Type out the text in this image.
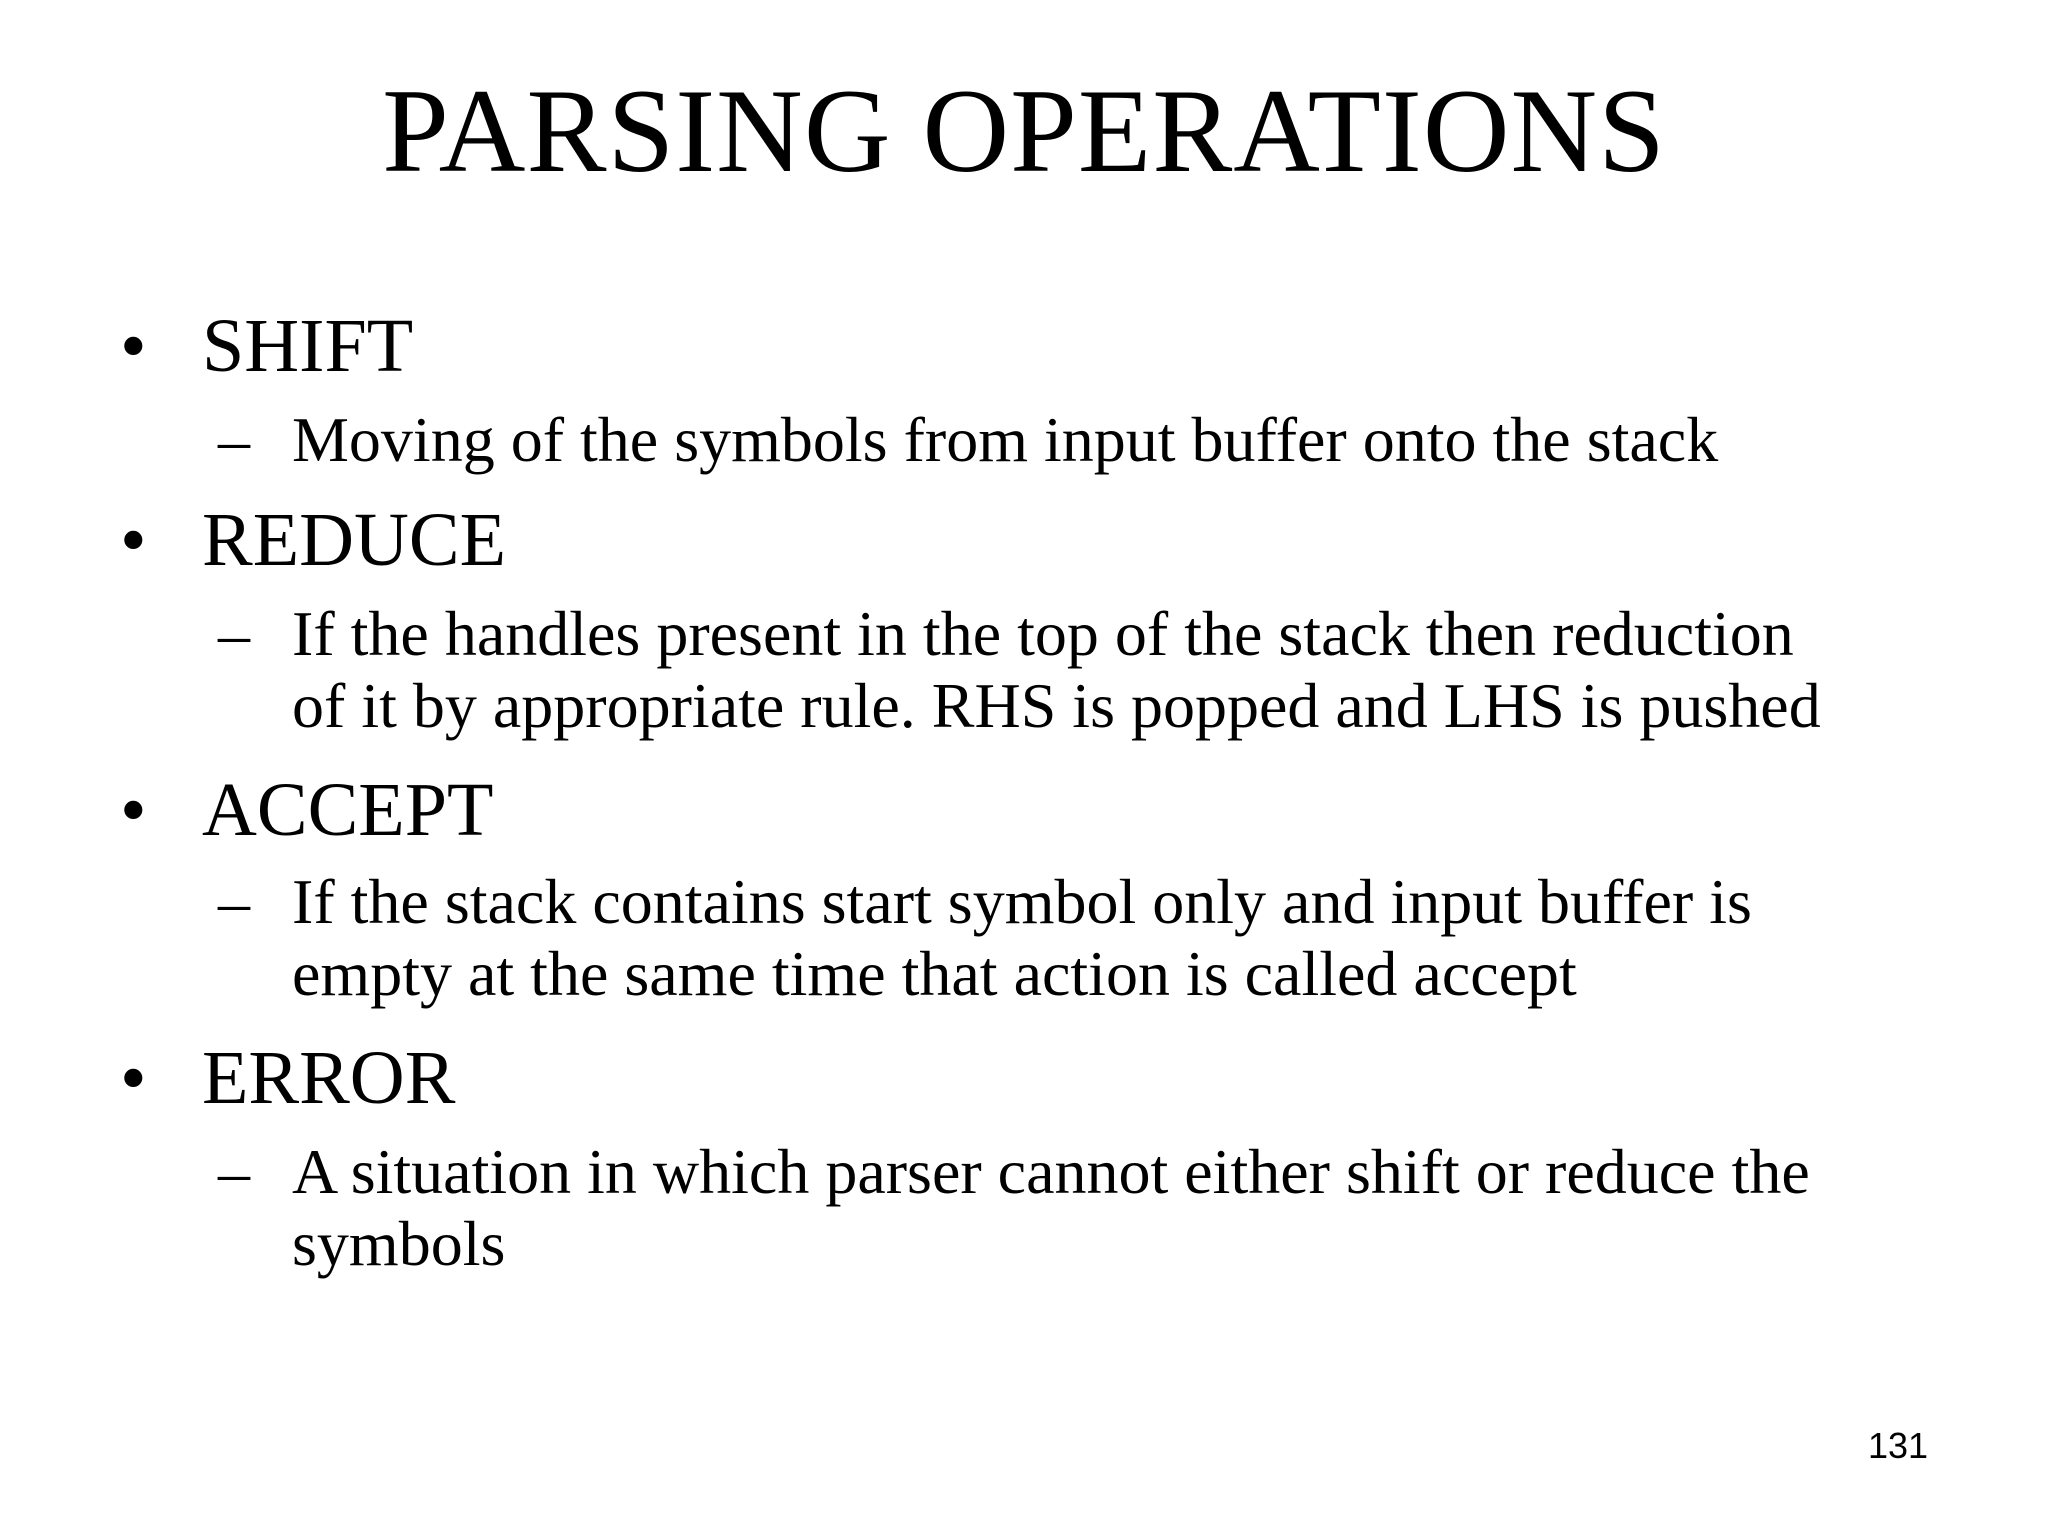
PARSING OPERATIONS
• SHIFT
– Moving of the symbols from input buffer onto the stack
• REDUCE
– If the handles present in the top of the stack then reduction
of it by appropriate rule. RHS is popped and LHS is pushed
• ACCEPT
– If the stack contains start symbol only and input buffer is
empty at the same time that action is called accept
• ERROR
– A situation in which parser cannot either shift or reduce the
symbols
131
